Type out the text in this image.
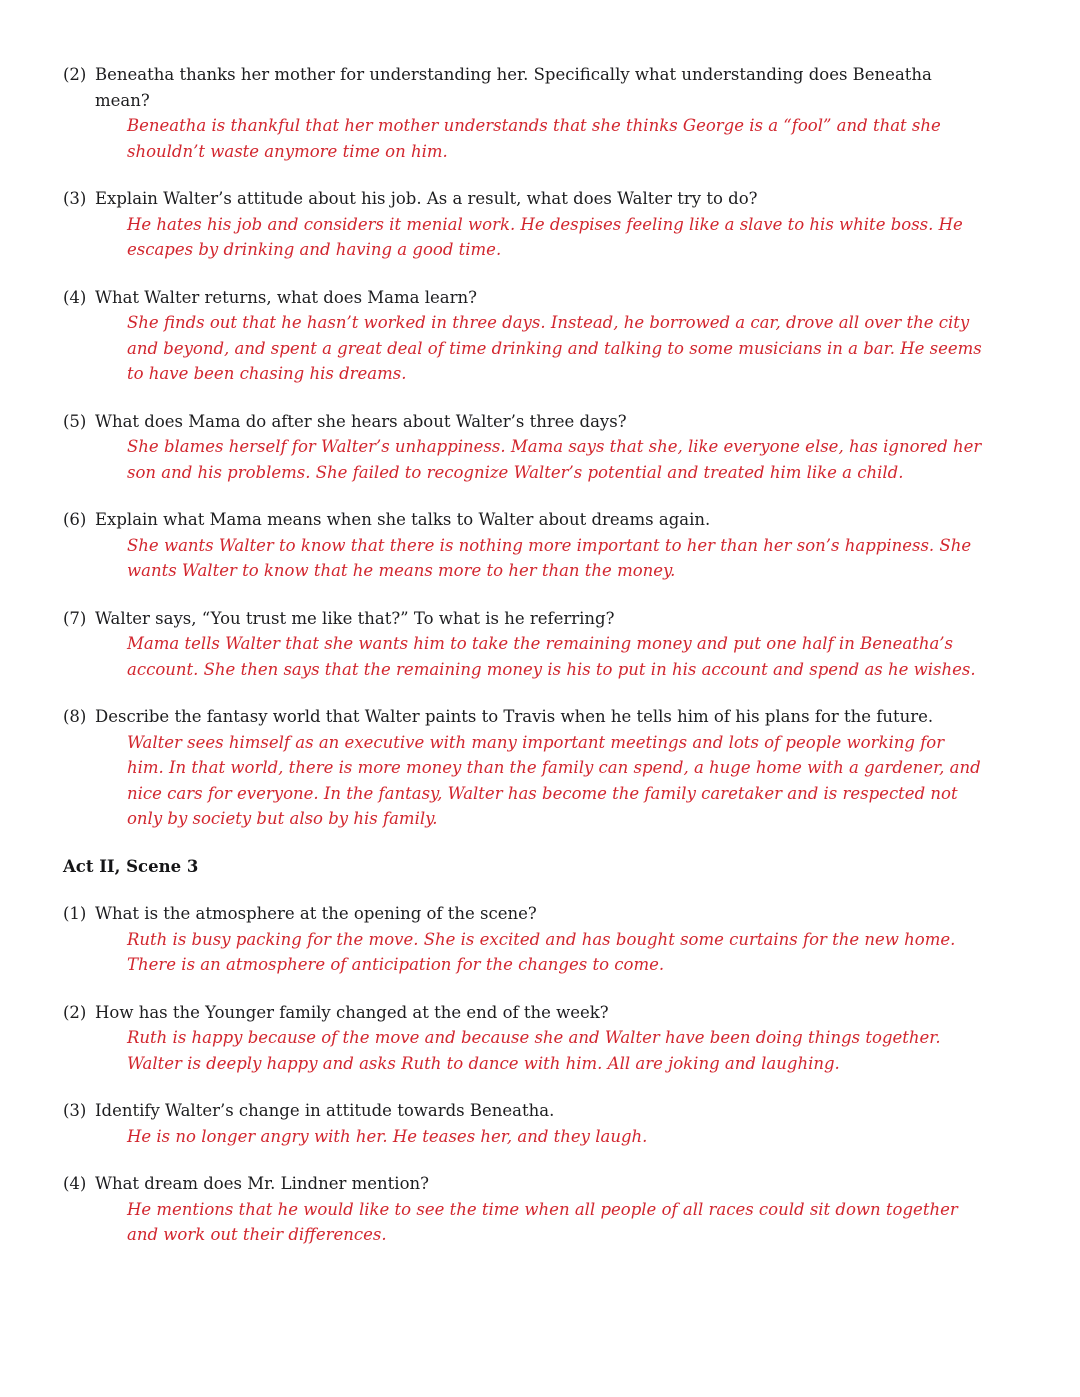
(2) Beneatha thanks her mother for understanding her. Specifically what understanding does Beneatha
mean?
Beneatha is thankful that her mother understands that she thinks George is a “fool” and that she
shouldn’t waste anymore time on him.
(3) Explain Walter’s attitude about his job. As a result, what does Walter try to do?
He hates his job and considers it menial work. He despises feeling like a slave to his white boss. He
escapes by drinking and having a good time.
(4) What Walter returns, what does Mama learn?
She finds out that he hasn’t worked in three days. Instead, he borrowed a car, drove all over the city
and beyond, and spent a great deal of time drinking and talking to some musicians in a bar. He seems
to have been chasing his dreams.
(5) What does Mama do after she hears about Walter’s three days?
She blames herself for Walter’s unhappiness. Mama says that she, like everyone else, has ignored her
son and his problems. She failed to recognize Walter’s potential and treated him like a child.
(6) Explain what Mama means when she talks to Walter about dreams again.
She wants Walter to know that there is nothing more important to her than her son’s happiness. She
wants Walter to know that he means more to her than the money.
(7) Walter says, “You trust me like that?” To what is he referring?
Mama tells Walter that she wants him to take the remaining money and put one half in Beneatha’s
account. She then says that the remaining money is his to put in his account and spend as he wishes.
(8) Describe the fantasy world that Walter paints to Travis when he tells him of his plans for the future.
Walter sees himself as an executive with many important meetings and lots of people working for
him. In that world, there is more money than the family can spend, a huge home with a gardener, and
nice cars for everyone. In the fantasy, Walter has become the family caretaker and is respected not
only by society but also by his family.
Act II, Scene 3
(1) What is the atmosphere at the opening of the scene?
Ruth is busy packing for the move. She is excited and has bought some curtains for the new home.
There is an atmosphere of anticipation for the changes to come.
(2) How has the Younger family changed at the end of the week?
Ruth is happy because of the move and because she and Walter have been doing things together.
Walter is deeply happy and asks Ruth to dance with him. All are joking and laughing.
(3) Identify Walter’s change in attitude towards Beneatha.
He is no longer angry with her. He teases her, and they laugh.
(4) What dream does Mr. Lindner mention?
He mentions that he would like to see the time when all people of all races could sit down together
and work out their differences.
